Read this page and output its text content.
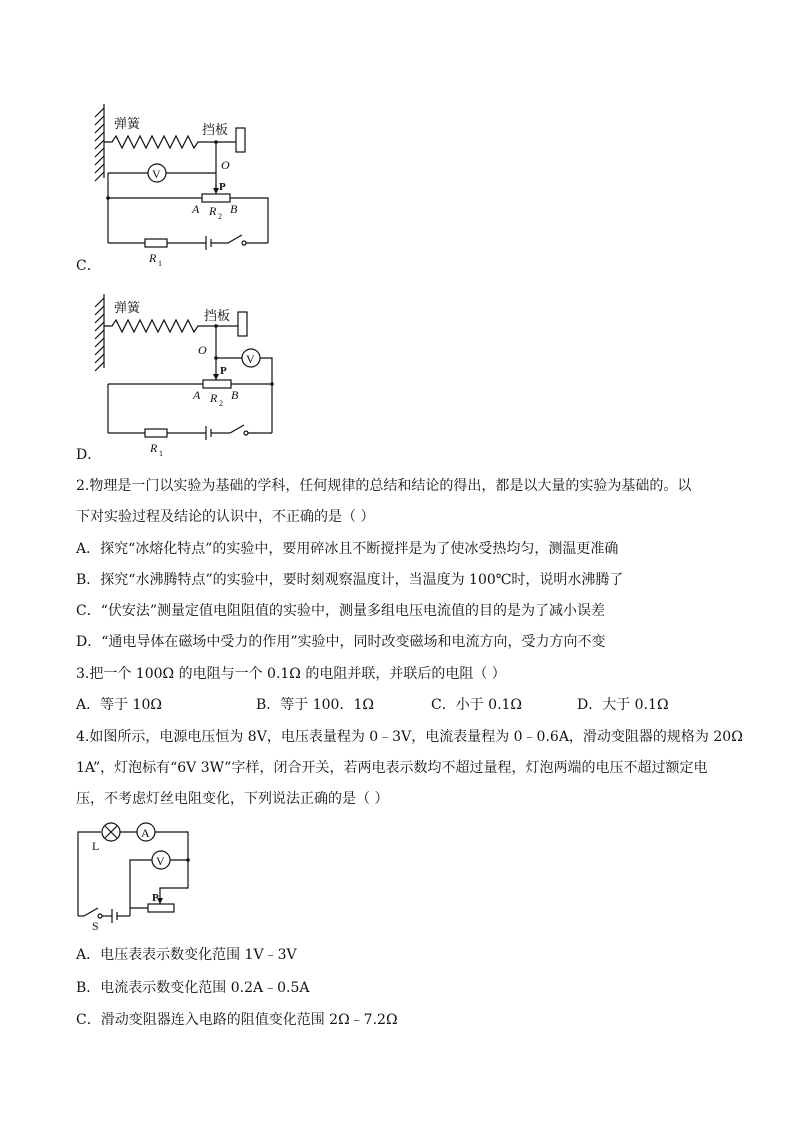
弹簧	挡板
O
V
P
A R 2
B
R 1
C．
弹簧
挡板
O
V
P
A R 2
B
R 1
D．
2.物理是一门以实验为基础的学科，任何规律的总结和结论的得出，都是以大量的实验为基础的。以
下对实验过程及结论的认识中，不正确的是（ ）
A．探究“冰熔化特点”的实验中，要用碎冰且不断搅拌是为了使冰受热均匀，测温更准确
B．探究“水沸腾特点”的实验中，要时刻观察温度计，当温度为 100℃时，说明水沸腾了
C．“伏安法”测量定值电阻阻值的实验中，测量多组电压电流值的目的是为了减小误差
D．“通电导体在磁场中受力的作用”实验中，同时改变磁场和电流方向，受力方向不变
3.把一个 100Ω 的电阻与一个 0.1Ω 的电阻并联，并联后的电阻（ ）
A．等于 10Ω	B．等于 100．1Ω	C．小于 0.1Ω	D．大于 0.1Ω
4.如图所示，电源电压恒为 8V，电压表量程为 0﹣3V，电流表量程为 0﹣0.6A，滑动变阻器的规格为 20Ω
1A”，灯泡标有“6V 3W”字样，闭合开关，若两电表示数均不超过量程，灯泡两端的电压不超过额定电
压，不考虑灯丝电阻变化，下列说法正确的是（ ）
L
A
V
P
S
A．电压表表示数变化范围 1V﹣3V
B．电流表示数变化范围 0.2A﹣0.5A
C．滑动变阻器连入电路的阻值变化范围 2Ω﹣7.2Ω
